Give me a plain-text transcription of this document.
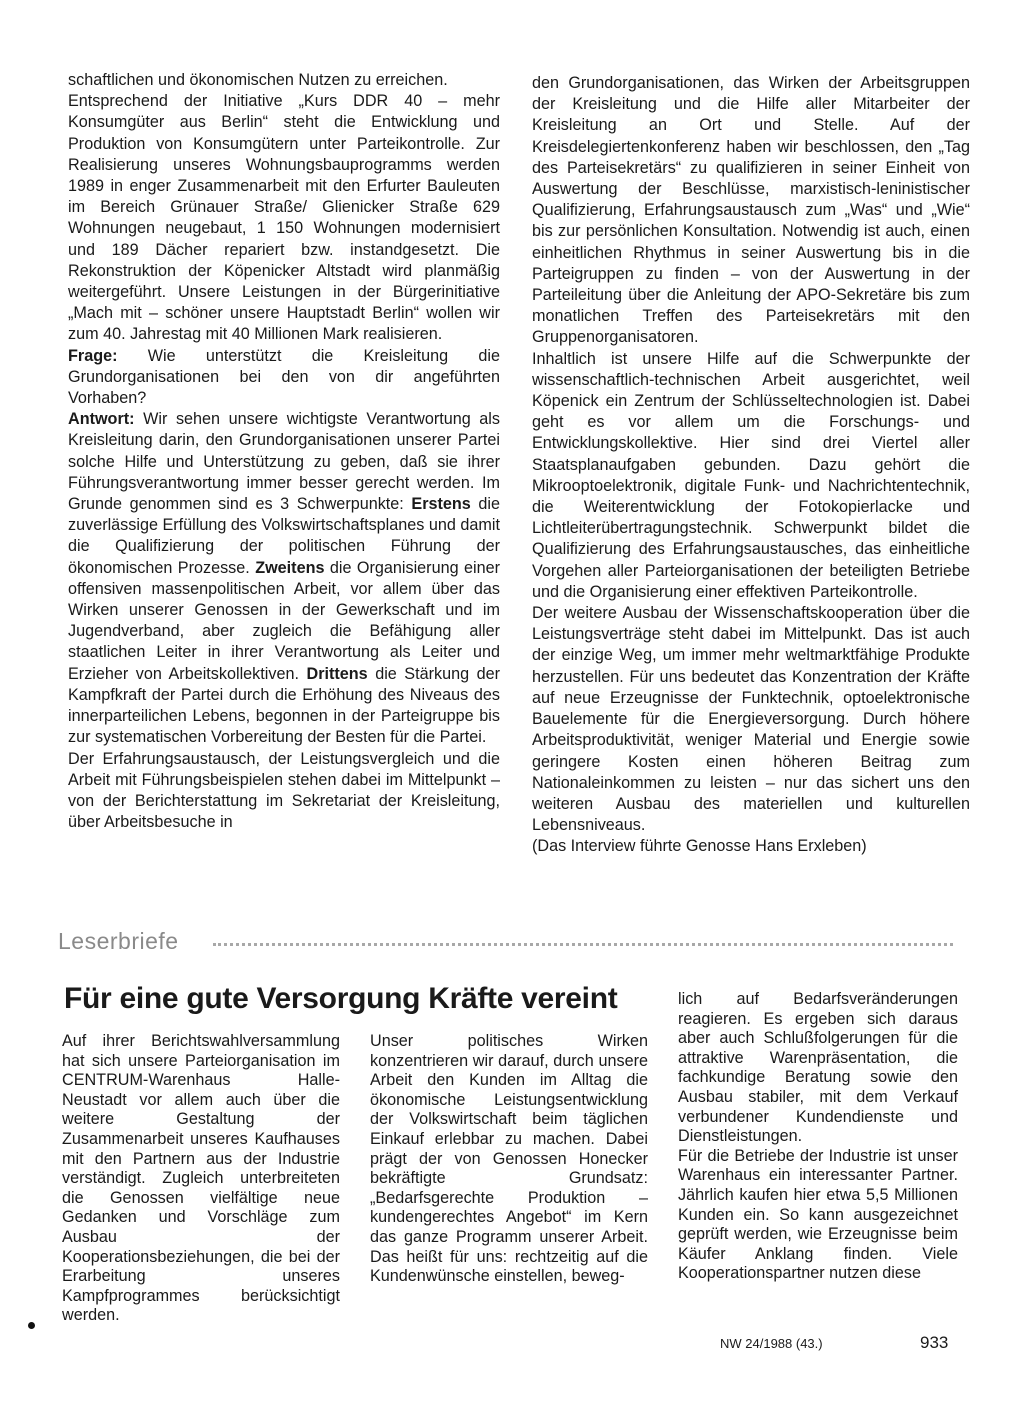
schaftlichen und ökonomischen Nutzen zu erreichen.

Entsprechend der Initiative „Kurs DDR 40 – mehr Konsumgüter aus Berlin“ steht die Entwicklung und Produktion von Konsumgütern unter Parteikontrolle. Zur Realisierung unseres Wohnungsbauprogramms werden 1989 in enger Zusammenarbeit mit den Erfurter Bauleuten im Bereich Grünauer Straße/ Glienicker Straße 629 Wohnungen neugebaut, 1 150 Wohnungen modernisiert und 189 Dächer repariert bzw. instandgesetzt. Die Rekonstruktion der Köpenicker Altstadt wird planmäßig weitergeführt. Unsere Leistungen in der Bürgerinitiative „Mach mit – schöner unsere Hauptstadt Berlin“ wollen wir zum 40. Jahrestag mit 40 Millionen Mark realisieren.

Frage: Wie unterstützt die Kreisleitung die Grundorganisationen bei den von dir angeführten Vorhaben?

Antwort: Wir sehen unsere wichtigste Verantwortung als Kreisleitung darin, den Grundorganisationen unserer Partei solche Hilfe und Unterstützung zu geben, daß sie ihrer Führungsverantwortung immer besser gerecht werden. Im Grunde genommen sind es 3 Schwerpunkte: Erstens die zuverlässige Erfüllung des Volkswirtschaftsplanes und damit die Qualifizierung der politischen Führung der ökonomischen Prozesse. Zweitens die Organisierung einer offensiven massenpolitischen Arbeit, vor allem über das Wirken unserer Genossen in der Gewerkschaft und im Jugendverband, aber zugleich die Befähigung aller staatlichen Leiter in ihrer Verantwortung als Leiter und Erzieher von Arbeitskollektiven. Drittens die Stärkung der Kampfkraft der Partei durch die Erhöhung des Niveaus des innerparteilichen Lebens, begonnen in der Parteigruppe bis zur systematischen Vorbereitung der Besten für die Partei.

Der Erfahrungsaustausch, der Leistungsvergleich und die Arbeit mit Führungsbeispielen stehen dabei im Mittelpunkt – von der Berichterstattung im Sekretariat der Kreisleitung, über Arbeitsbesuche in

den Grundorganisationen, das Wirken der Arbeitsgruppen der Kreisleitung und die Hilfe aller Mitarbeiter der Kreisleitung an Ort und Stelle. Auf der Kreisdelegiertenkonferenz haben wir beschlossen, den „Tag des Parteisekretärs“ zu qualifizieren in seiner Einheit von Auswertung der Beschlüsse, marxistisch-leninistischer Qualifizierung, Erfahrungsaustausch zum „Was“ und „Wie“ bis zur persönlichen Konsultation. Notwendig ist auch, einen einheitlichen Rhythmus in seiner Auswertung bis in die Parteigruppen zu finden – von der Auswertung in der Parteileitung über die Anleitung der APO-Sekretäre bis zum monatlichen Treffen des Parteisekretärs mit den Gruppenorganisatoren.

Inhaltlich ist unsere Hilfe auf die Schwerpunkte der wissenschaftlich-technischen Arbeit ausgerichtet, weil Köpenick ein Zentrum der Schlüsseltechnologien ist. Dabei geht es vor allem um die Forschungs- und Entwicklungskollektive. Hier sind drei Viertel aller Staatsplanaufgaben gebunden. Dazu gehört die Mikrooptoelektronik, digitale Funk- und Nachrichtentechnik, die Weiterentwicklung der Fotokopierlacke und Lichtleiterübertragungstechnik. Schwerpunkt bildet die Qualifizierung des Erfahrungsaustausches, das einheitliche Vorgehen aller Parteiorganisationen der beteiligten Betriebe und die Organisierung einer effektiven Parteikontrolle.

Der weitere Ausbau der Wissenschaftskooperation über die Leistungsverträge steht dabei im Mittelpunkt. Das ist auch der einzige Weg, um immer mehr weltmarktfähige Produkte herzustellen. Für uns bedeutet das Konzentration der Kräfte auf neue Erzeugnisse der Funktechnik, optoelektronische Bauelemente für die Energieversorgung. Durch höhere Arbeitsproduktivität, weniger Material und Energie sowie geringere Kosten einen höheren Beitrag zum Nationaleinkommen zu leisten – nur das sichert uns den weiteren Ausbau des materiellen und kulturellen Lebensniveaus.

(Das Interview führte Genosse Hans Erxleben)

Leserbriefe
Für eine gute Versorgung Kräfte vereint

Auf ihrer Berichtswahlversammlung hat sich unsere Parteiorganisation im CENTRUM-Warenhaus Halle-Neustadt vor allem auch über die weitere Gestaltung der Zusammenarbeit unseres Kaufhauses mit den Partnern aus der Industrie verständigt. Zugleich unterbreiteten die Genossen vielfältige neue Gedanken und Vorschläge zum Ausbau der Kooperationsbeziehungen, die bei der Erarbeitung unseres Kampfprogrammes berücksichtigt werden.

Unser politisches Wirken konzentrieren wir darauf, durch unsere Arbeit den Kunden im Alltag die ökonomische Leistungsentwicklung der Volkswirtschaft beim täglichen Einkauf erlebbar zu machen. Dabei prägt der von Genossen Honecker bekräftigte Grundsatz: „Bedarfsgerechte Produktion – kundengerechtes Angebot“ im Kern das ganze Programm unserer Arbeit. Das heißt für uns: rechtzeitig auf die Kundenwünsche einstellen, beweg-

lich auf Bedarfsveränderungen reagieren. Es ergeben sich daraus aber auch Schlußfolgerungen für die attraktive Warenpräsentation, die fachkundige Beratung sowie den Ausbau stabiler, mit dem Verkauf verbundener Kundendienste und Dienstleistungen.

Für die Betriebe der Industrie ist unser Warenhaus ein interessanter Partner. Jährlich kaufen hier etwa 5,5 Millionen Kunden ein. So kann ausgezeichnet geprüft werden, wie Erzeugnisse beim Käufer Anklang finden. Viele Kooperationspartner nutzen diese

NW 24/1988 (43.)	933
